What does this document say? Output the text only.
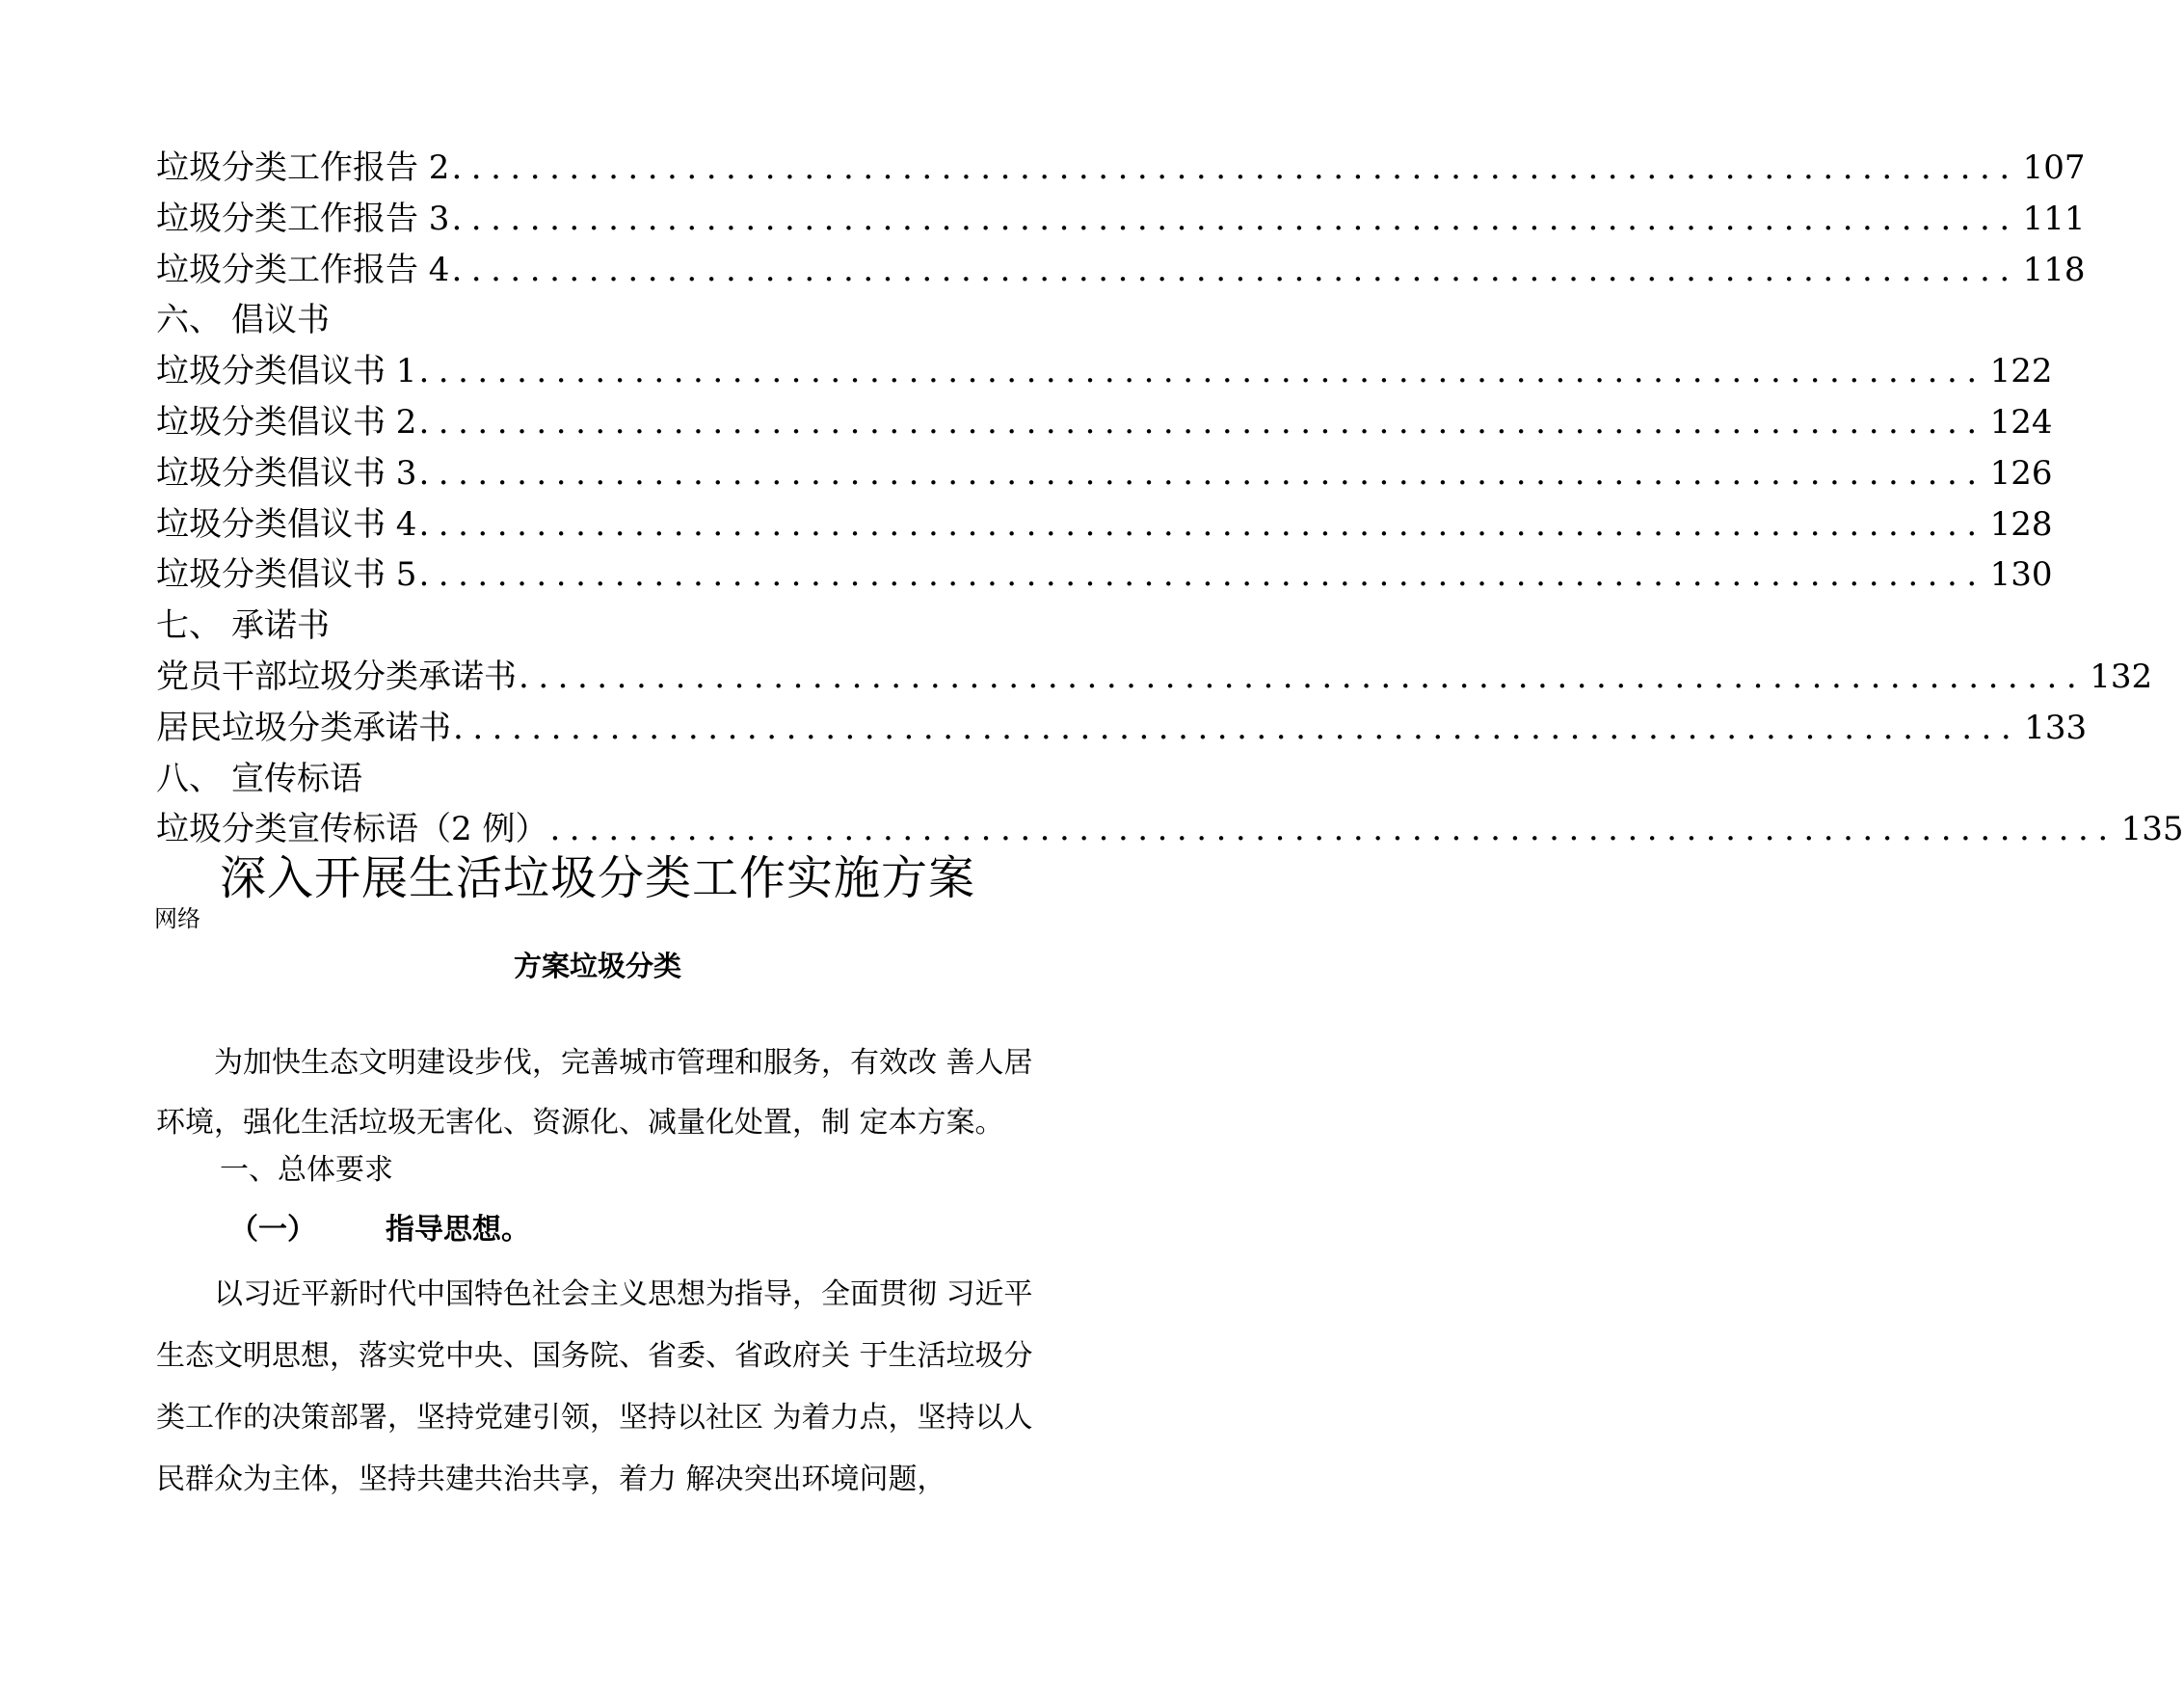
垃圾分类工作报告 2 ................................................................................ 107
垃圾分类工作报告 3 ................................................................................ 111
垃圾分类工作报告 4 ................................................................................ 118
六、 倡议书
垃圾分类倡议书 1 ................................................................................ 122
垃圾分类倡议书 2 ................................................................................ 124
垃圾分类倡议书 3 ................................................................................ 126
垃圾分类倡议书 4 ................................................................................ 128
垃圾分类倡议书 5 ................................................................................ 130
七、 承诺书
党员干部垃圾分类承诺书 ................................................................................ 132
居民垃圾分类承诺书 ................................................................................ 133
八、 宣传标语
垃圾分类宣传标语（2 例） ................................................................................ 135
深入开展生活垃圾分类工作实施方案
网络
方案垃圾分类
为加快生态文明建设步伐，完善城市管理和服务，有效改 善人居环境，强化生活垃圾无害化、资源化、减量化处置，制 定本方案。
一、总体要求
（一） 指导思想。
以习近平新时代中国特色社会主义思想为指导，全面贯彻 习近平生态文明思想，落实党中央、国务院、省委、省政府关 于生活垃圾分类工作的决策部署，坚持党建引领，坚持以社区 为着力点，坚持以人民群众为主体，坚持共建共治共享，着力 解决突出环境问题，
